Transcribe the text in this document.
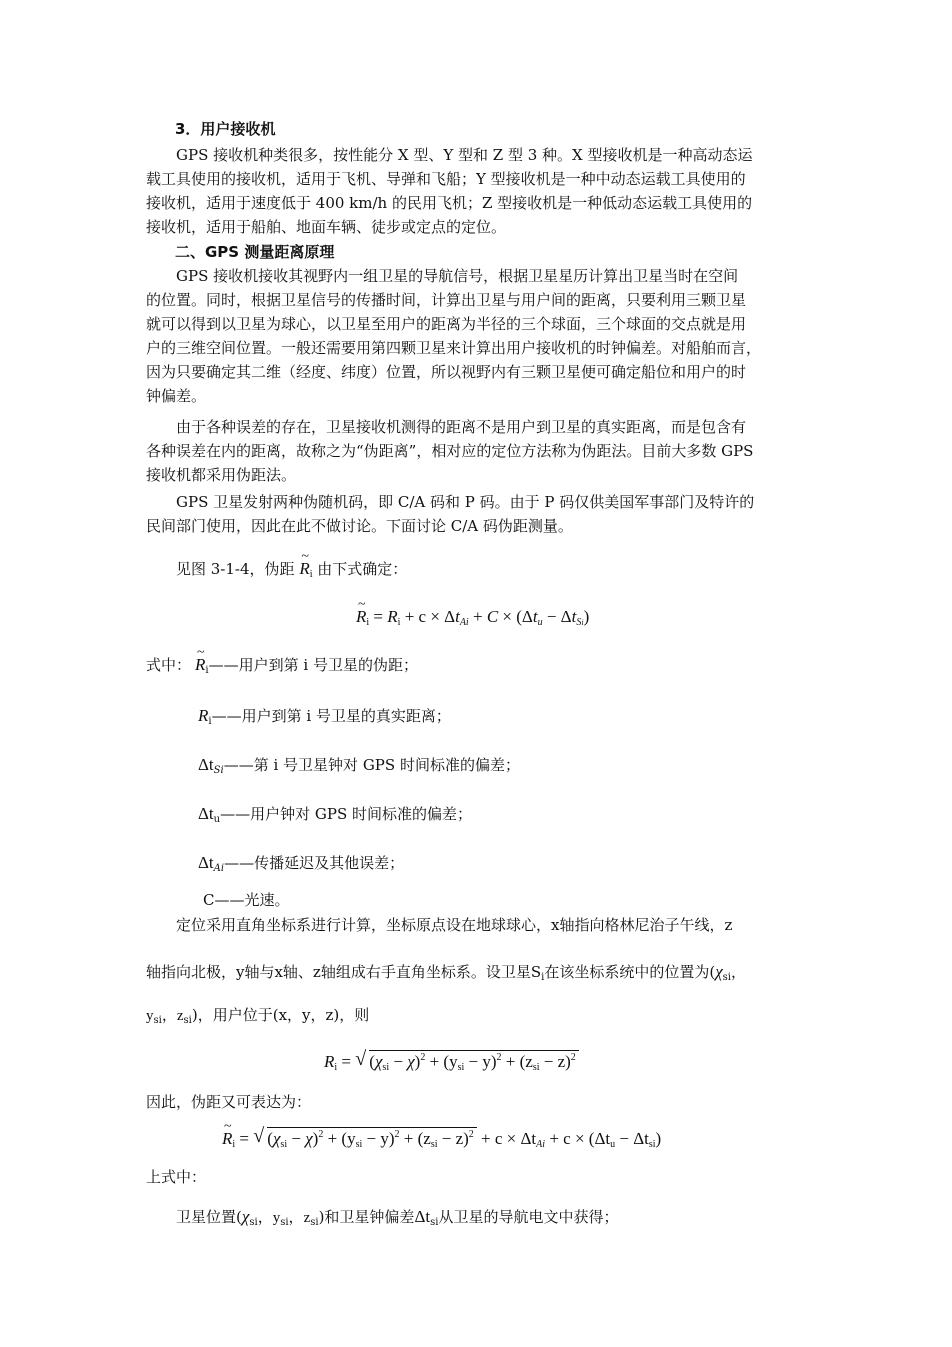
3．用户接收机
GPS 接收机种类很多，按性能分 X 型、Y 型和 Z 型 3 种。X 型接收机是一种高动态运
载工具使用的接收机，适用于飞机、导弹和飞船；Y 型接收机是一种中动态运载工具使用的
接收机，适用于速度低于 400 km/h 的民用飞机；Z 型接收机是一种低动态运载工具使用的
接收机，适用于船舶、地面车辆、徒步或定点的定位。
二、GPS 测量距离原理
GPS 接收机接收其视野内一组卫星的导航信号，根据卫星星历计算出卫星当时在空间
的位置。同时，根据卫星信号的传播时间，计算出卫星与用户间的距离，只要利用三颗卫星
就可以得到以卫星为球心，以卫星至用户的距离为半径的三个球面，三个球面的交点就是用
户的三维空间位置。一般还需要用第四颗卫星来计算出用户接收机的时钟偏差。对船舶而言，
因为只要确定其二维（经度、纬度）位置，所以视野内有三颗卫星便可确定船位和用户的时
钟偏差。
由于各种误差的存在，卫星接收机测得的距离不是用户到卫星的真实距离，而是包含有
各种误差在内的距离，故称之为“伪距离”，相对应的定位方法称为伪距法。目前大多数 GPS
接收机都采用伪距法。
GPS 卫星发射两种伪随机码，即 C/A 码和 P 码。由于 P 码仅供美国军事部门及特许的
民间部门使用，因此在此不做讨论。下面讨论 C/A 码伪距测量。
见图 3-1-4，伪距 ~ $R_i$ 由下式确定：
~ $R_i = R_i + c \times \Delta t_{Ai} + C \times (\Delta t_u - \Delta t_{Si})$
式中： ~ $R_i——$用户到第 i 号卫星的伪距；
$R_i——$用户到第 i 号卫星的真实距离；
$\Delta t_{Si}——$第 i 号卫星钟对 GPS 时间标准的偏差；
$\Delta t_u——$用户钟对 GPS 时间标准的偏差；
$\Delta t_{Ai}——$传播延迟及其他误差；
C——光速。
定位采用直角坐标系进行计算，坐标原点设在地球球心，x轴指向格林尼治子午线，z
轴指向北极，y轴与x轴、z轴组成右手直角坐标系。设卫星$S_i$在该坐标系统中的位置为($\chi_{si}$，
$y_{si}$，$z_{si}$)，用户位于(x，y，z)，则
$R_i$ = √ $(\chi_{si} - \chi)^2 + (y_{si} - y)^2 + (z_{si} - z)^2$
因此，伪距又可表达为：
~ $R_i$ = √ $(\chi_{si} - \chi)^2 + (y_{si} - y)^2 + (z_{si} - z)^2 + c \times \Delta t_{Ai} + c \times (\Delta t_u - \Delta t_{si})$
上式中：
卫星位置($\chi_{si}$，$y_{si}$，$z_{si}$)和卫星钟偏差$\Delta t_{si}$从卫星的导航电文中获得；
